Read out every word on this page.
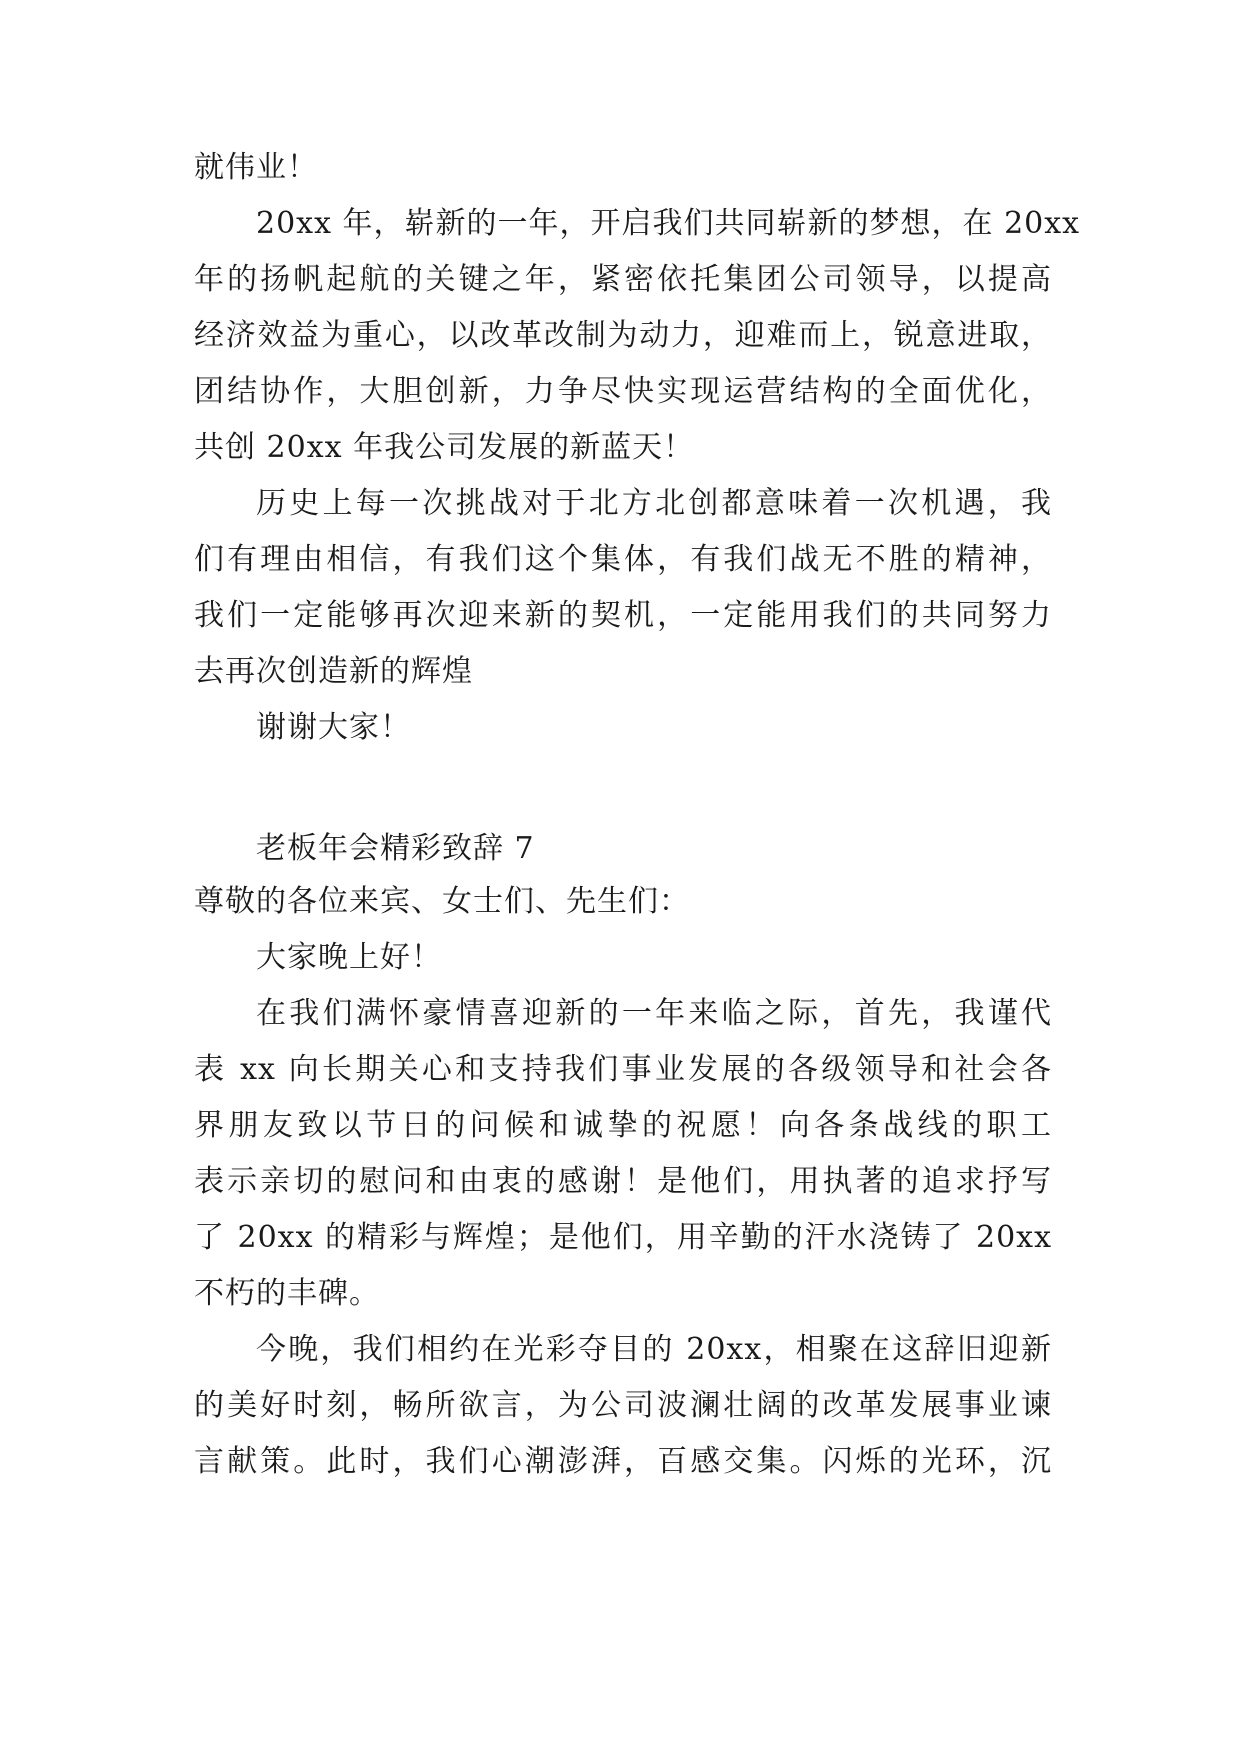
就伟业！
20xx 年，崭新的一年，开启我们共同崭新的梦想，在 20xx
年的扬帆起航的关键之年，紧密依托集团公司领导，以提高
经济效益为重心，以改革改制为动力，迎难而上，锐意进取，
团结协作，大胆创新，力争尽快实现运营结构的全面优化，
共创 20xx 年我公司发展的新蓝天！
历史上每一次挑战对于北方北创都意味着一次机遇，我
们有理由相信，有我们这个集体，有我们战无不胜的精神，
我们一定能够再次迎来新的契机，一定能用我们的共同努力
去再次创造新的辉煌
谢谢大家！
老板年会精彩致辞 7
尊敬的各位来宾、女士们、先生们：
大家晚上好！
在我们满怀豪情喜迎新的一年来临之际，首先，我谨代
表 xx 向长期关心和支持我们事业发展的各级领导和社会各
界朋友致以节日的问候和诚挚的祝愿！向各条战线的职工
表示亲切的慰问和由衷的感谢！是他们，用执著的追求抒写
了 20xx 的精彩与辉煌；是他们，用辛勤的汗水浇铸了 20xx
不朽的丰碑。
今晚，我们相约在光彩夺目的 20xx，相聚在这辞旧迎新
的美好时刻，畅所欲言，为公司波澜壮阔的改革发展事业谏
言献策。此时，我们心潮澎湃，百感交集。闪烁的光环，沉
